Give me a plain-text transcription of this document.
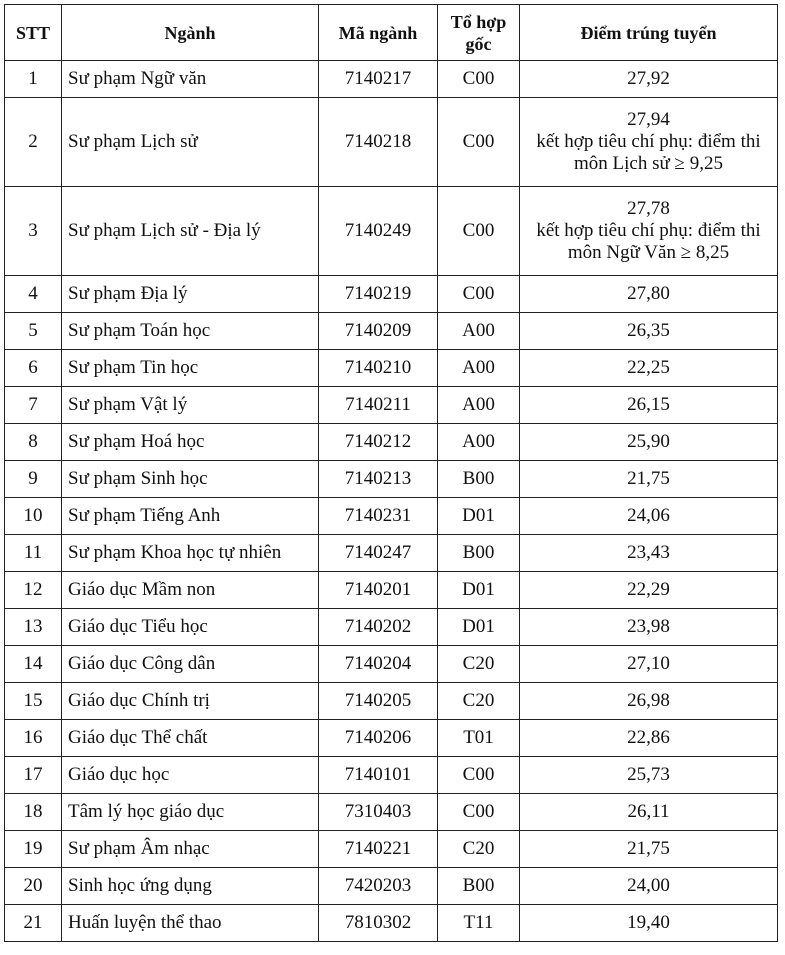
STT	Ngành	Mã ngành	Tổ hợp gốc	Điểm trúng tuyển
1	Sư phạm Ngữ văn	7140217	C00	27,92
2	Sư phạm Lịch sử	7140218	C00	27,94
kết hợp tiêu chí phụ: điểm thi môn Lịch sử ≥ 9,25

3	Sư phạm Lịch sử - Địa lý	7140249	C00	27,78
kết hợp tiêu chí phụ: điểm thi môn Ngữ Văn ≥ 8,25

4	Sư phạm Địa lý	7140219	C00	27,80
5	Sư phạm Toán học	7140209	A00	26,35
6	Sư phạm Tin học	7140210	A00	22,25
7	Sư phạm Vật lý	7140211	A00	26,15
8	Sư phạm Hoá học	7140212	A00	25,90
9	Sư phạm Sinh học	7140213	B00	21,75
10	Sư phạm Tiếng Anh	7140231	D01	24,06
11	Sư phạm Khoa học tự nhiên	7140247	B00	23,43
12	Giáo dục Mầm non	7140201	D01	22,29
13	Giáo dục Tiểu học	7140202	D01	23,98
14	Giáo dục Công dân	7140204	C20	27,10
15	Giáo dục Chính trị	7140205	C20	26,98
16	Giáo dục Thể chất	7140206	T01	22,86
17	Giáo dục học	7140101	C00	25,73
18	Tâm lý học giáo dục	7310403	C00	26,11
19	Sư phạm Âm nhạc	7140221	C20	21,75
20	Sinh học ứng dụng	7420203	B00	24,00
21	Huấn luyện thể thao	7810302	T11	19,40
